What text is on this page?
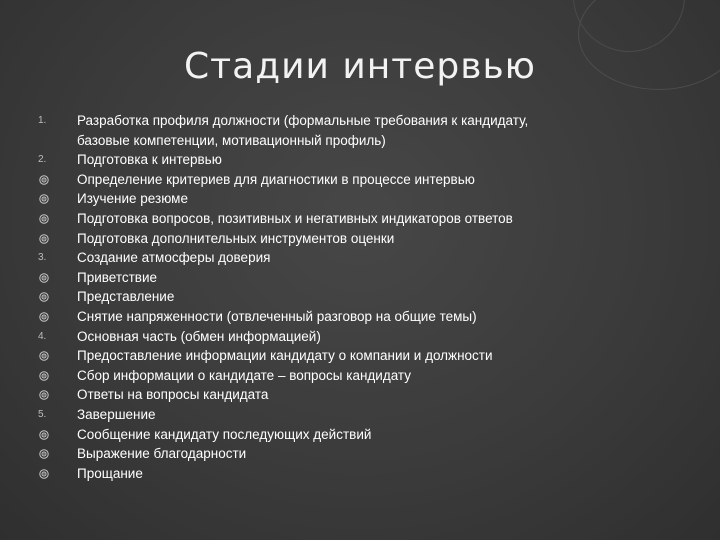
Стадии интервью
1.	Разработка профиля должности (формальные требования к кандидату,
базовые компетенции, мотивационный профиль)
2.	Подготовка к интервью
Определение критериев для диагностики в процессе интервью
Изучение резюме
Подготовка вопросов, позитивных и негативных индикаторов ответов
Подготовка дополнительных инструментов оценки
3.	Создание атмосферы доверия
Приветствие
Представление
Снятие напряженности (отвлеченный разговор на общие темы)
4.	Основная часть (обмен информацией)
Предоставление информации кандидату о компании и должности
Сбор информации о кандидате – вопросы кандидату
Ответы на вопросы кандидата
5.	Завершение
Сообщение кандидату последующих действий
Выражение благодарности
Прощание
